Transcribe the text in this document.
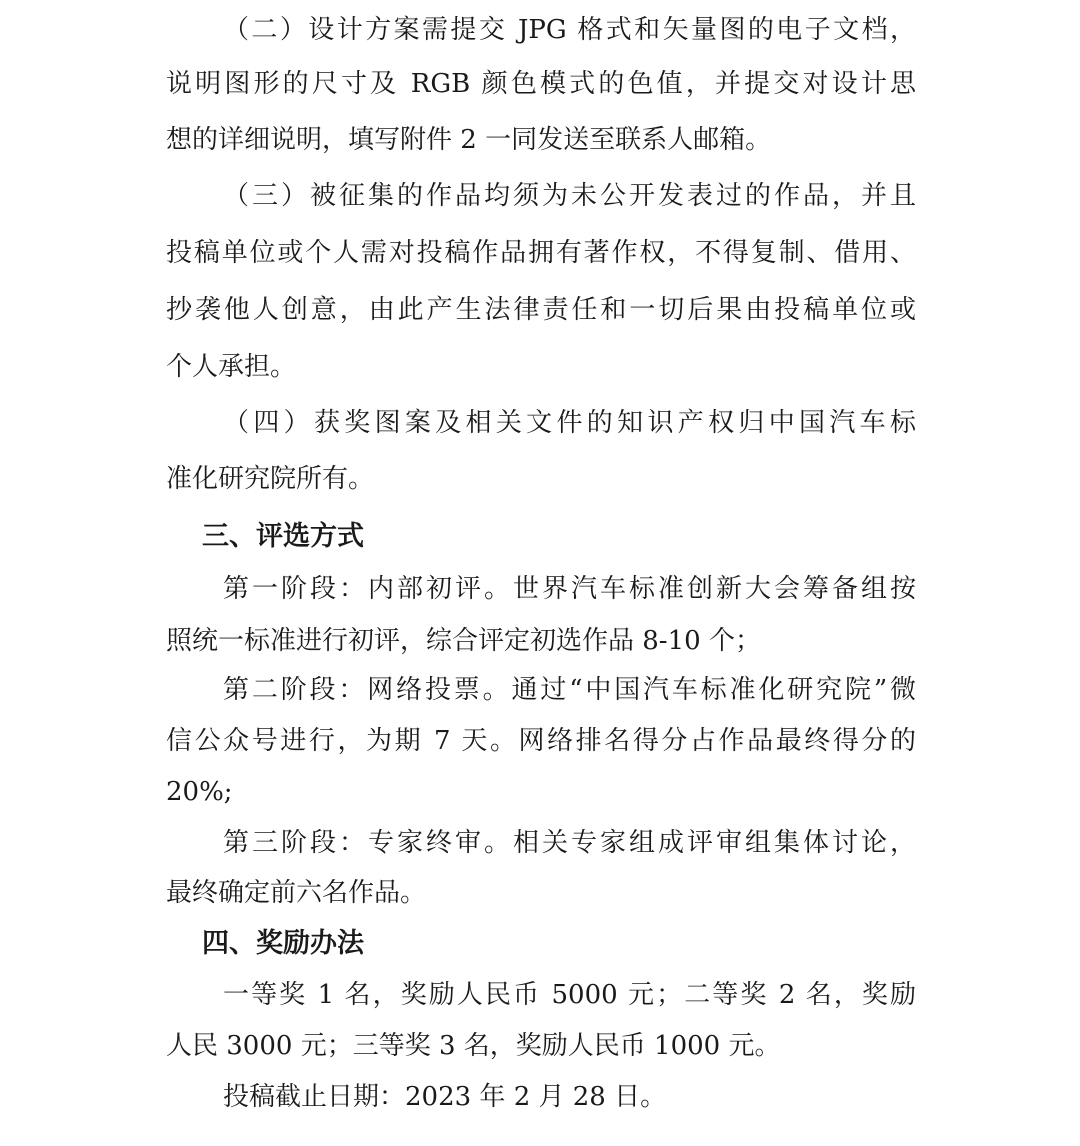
（二）设计方案需提交 JPG 格式和矢量图的电子文档，
说明图形的尺寸及 RGB 颜色模式的色值，并提交对设计思
想的详细说明，填写附件 2 一同发送至联系人邮箱。
（三）被征集的作品均须为未公开发表过的作品，并且
投稿单位或个人需对投稿作品拥有著作权，不得复制、借用、
抄袭他人创意，由此产生法律责任和一切后果由投稿单位或
个人承担。
（四）获奖图案及相关文件的知识产权归中国汽车标
准化研究院所有。
三、评选方式
第一阶段：内部初评。世界汽车标准创新大会筹备组按
照统一标准进行初评，综合评定初选作品 8-10 个；
第二阶段：网络投票。通过“中国汽车标准化研究院”微
信公众号进行，为期 7 天。网络排名得分占作品最终得分的
20%;
第三阶段：专家终审。相关专家组成评审组集体讨论，
最终确定前六名作品。
四、奖励办法
一等奖 1 名，奖励人民币 5000 元；二等奖 2 名，奖励
人民 3000 元；三等奖 3 名，奖励人民币 1000 元。
投稿截止日期：2023 年 2 月 28 日。
